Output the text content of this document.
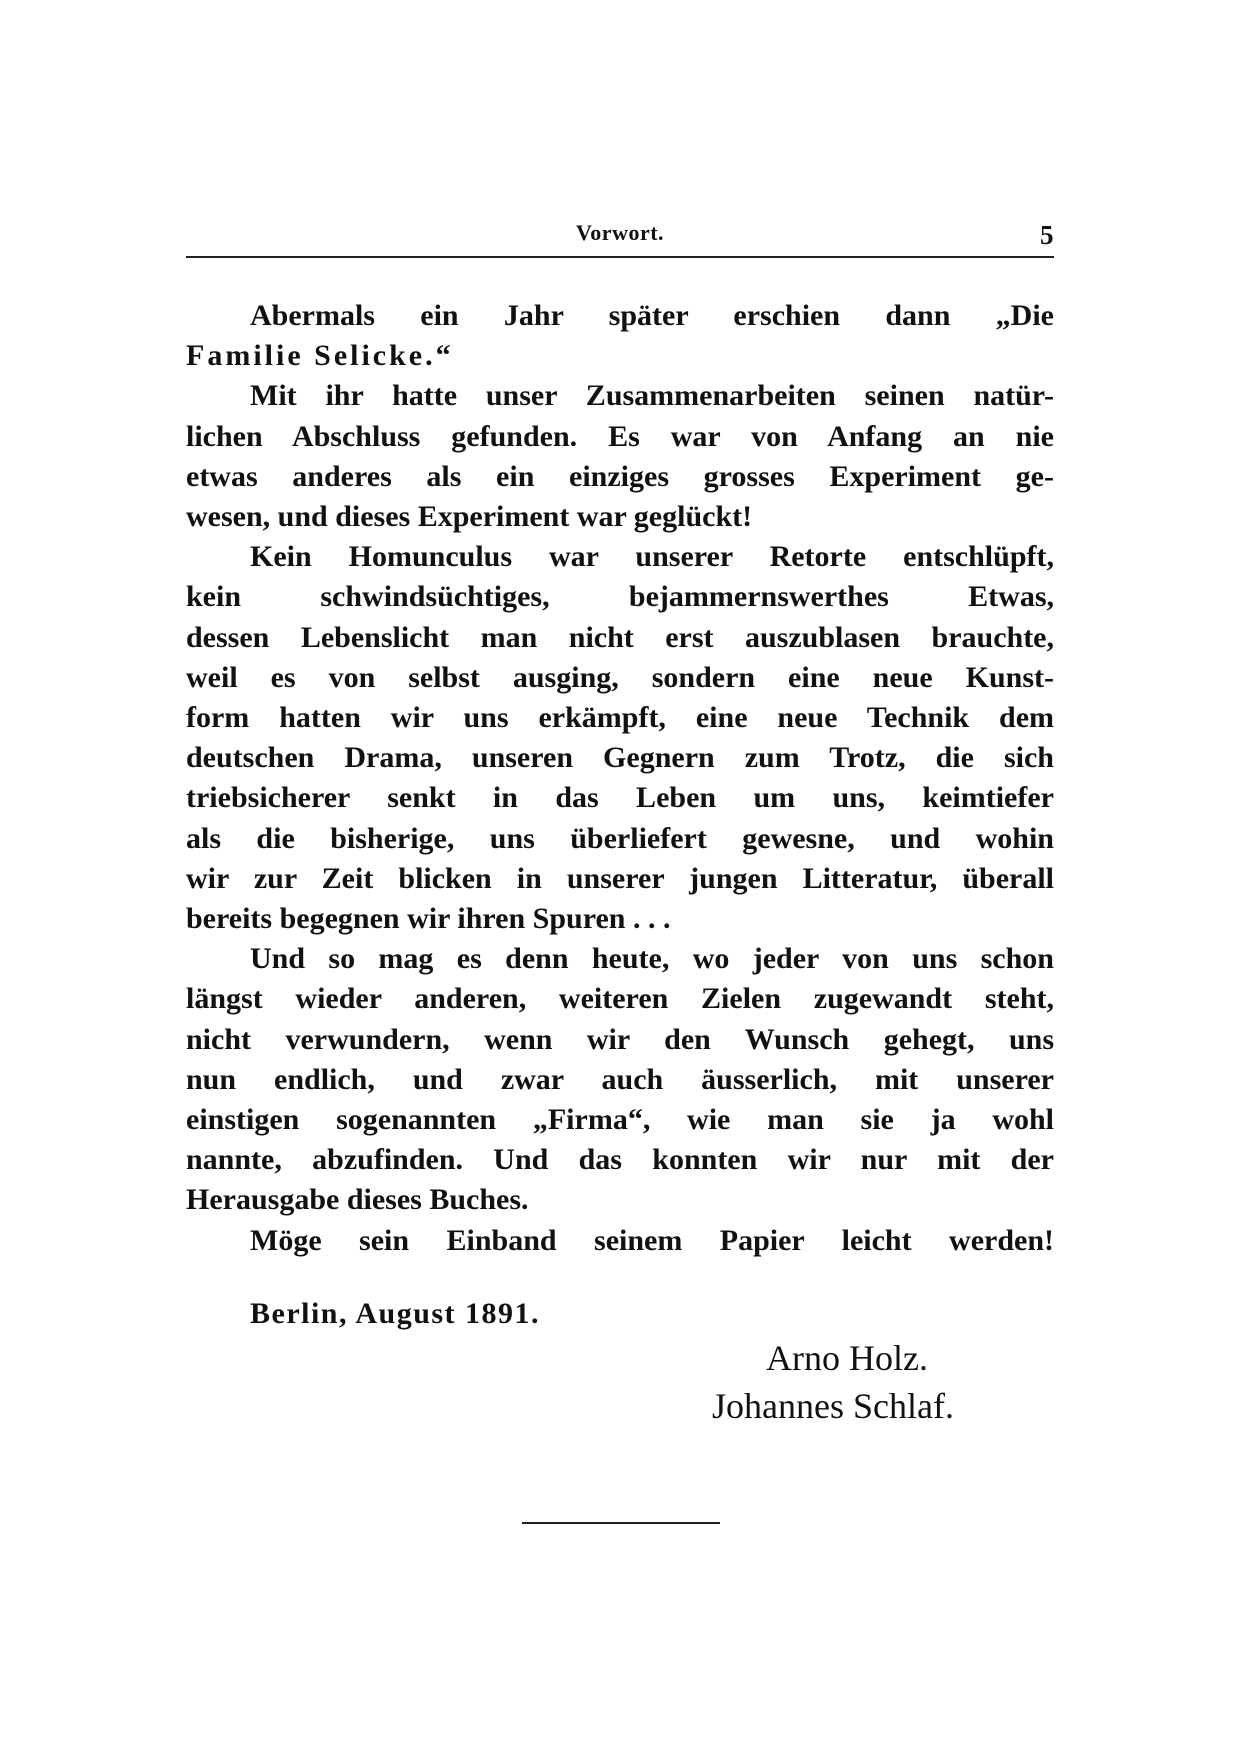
Vorwort.	5
Abermals ein Jahr später erschien dann „Die
Familie Selicke.“
Mit ihr hatte unser Zusammenarbeiten seinen natür-
lichen Abschluss gefunden. Es war von Anfang an nie
etwas anderes als ein einziges grosses Experiment ge-
wesen, und dieses Experiment war geglückt!
Kein Homunculus war unserer Retorte entschlüpft,
kein schwindsüchtiges, bejammernswerthes Etwas,
dessen Lebenslicht man nicht erst auszublasen brauchte,
weil es von selbst ausging, sondern eine neue Kunst-
form hatten wir uns erkämpft, eine neue Technik dem
deutschen Drama, unseren Gegnern zum Trotz, die sich
triebsicherer senkt in das Leben um uns, keimtiefer
als die bisherige, uns überliefert gewesne, und wohin
wir zur Zeit blicken in unserer jungen Litteratur, überall
bereits begegnen wir ihren Spuren . . .
Und so mag es denn heute, wo jeder von uns schon
längst wieder anderen, weiteren Zielen zugewandt steht,
nicht verwundern, wenn wir den Wunsch gehegt, uns
nun endlich, und zwar auch äusserlich, mit unserer
einstigen sogenannten „Firma“, wie man sie ja wohl
nannte, abzufinden. Und das konnten wir nur mit der
Herausgabe dieses Buches.
Möge sein Einband seinem Papier leicht werden!
Berlin, August 1891.
Arno Holz.
Johannes Schlaf.
